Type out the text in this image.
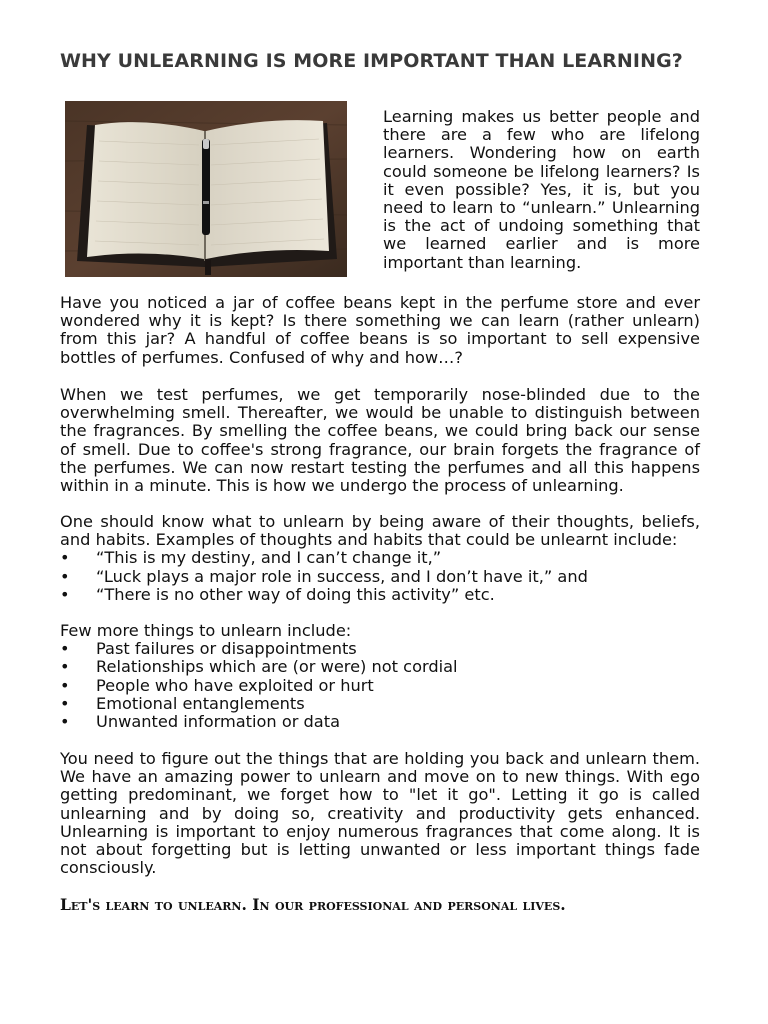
WHY UNLEARNING IS MORE IMPORTANT THAN LEARNING?

Learning makes us better people and there are a few who are lifelong learners. Wondering how on earth could someone be lifelong learners? Is it even possible? Yes, it is, but you need to learn to “unlearn.” Unlearning is the act of undoing something that we learned earlier and is more important than learning.

Have you noticed a jar of coffee beans kept in the perfume store and ever wondered why it is kept? Is there something we can learn (rather unlearn) from this jar? A handful of coffee beans is so important to sell expensive bottles of perfumes. Confused of why and how…?

When we test perfumes, we get temporarily nose-blinded due to the overwhelming smell. Thereafter, we would be unable to distinguish between the fragrances. By smelling the coffee beans, we could bring back our sense of smell. Due to coffee's strong fragrance, our brain forgets the fragrance of the perfumes. We can now restart testing the perfumes and all this happens within in a minute. This is how we undergo the process of unlearning.

One should know what to unlearn by being aware of their thoughts, beliefs, and habits. Examples of thoughts and habits that could be unlearnt include:

• “This is my destiny, and I can’t change it,”
• “Luck plays a major role in success, and I don’t have it,” and
• “There is no other way of doing this activity” etc.

Few more things to unlearn include:

• Past failures or disappointments
• Relationships which are (or were) not cordial
• People who have exploited or hurt
• Emotional entanglements
• Unwanted information or data

You need to figure out the things that are holding you back and unlearn them. We have an amazing power to unlearn and move on to new things. With ego getting predominant, we forget how to "let it go". Letting it go is called unlearning and by doing so, creativity and productivity gets enhanced. Unlearning is important to enjoy numerous fragrances that come along. It is not about forgetting but is letting unwanted or less important things fade consciously.

Let's learn to unlearn. In our professional and personal lives.
